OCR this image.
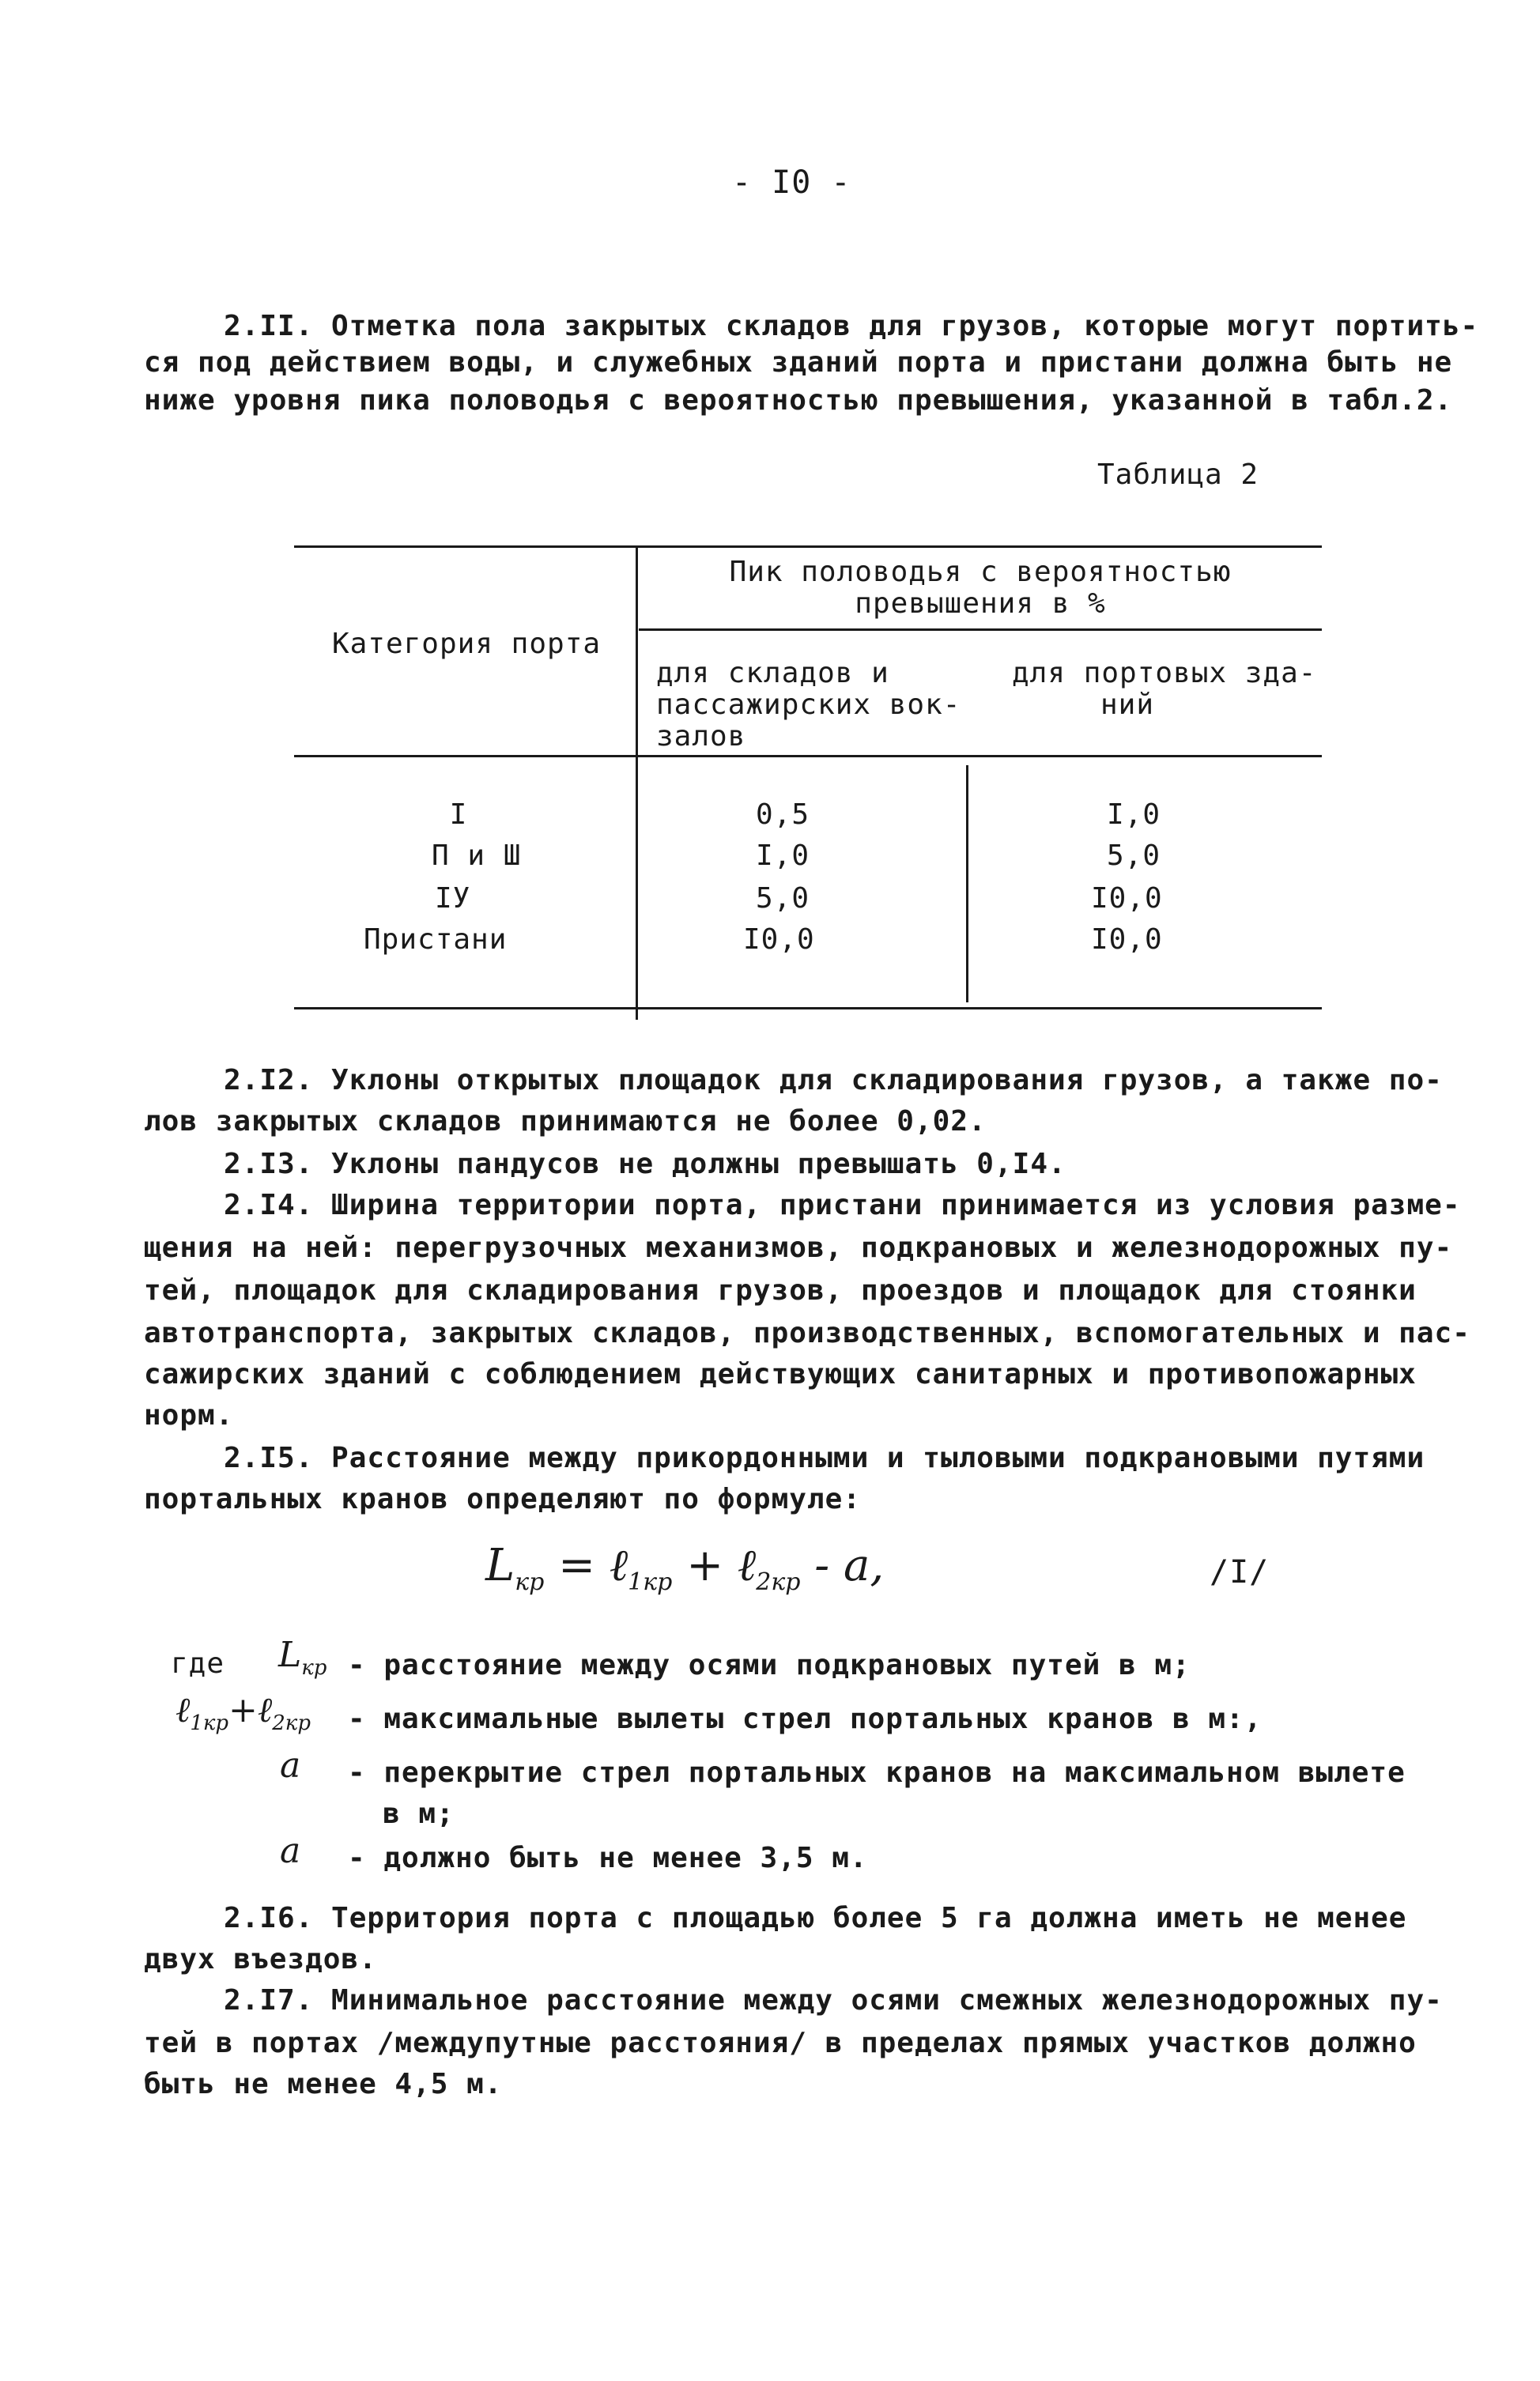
- I0 -
2.II. Отметка пола закрытых складов для грузов, которые могут портить-
ся под действием воды, и служебных зданий порта и пристани должна быть не
ниже уровня пика половодья с вероятностью превышения, указанной в табл.2.
Таблица 2
Категория порта
Пик половодья с вероятностью
превышения в %
для складов и
пассажирских вок-
залов
для портовых зда-
ний
I	0,5	I,0
П и Ш	I,0	5,0
IУ	5,0	I0,0
Пристани	I0,0	I0,0
2.I2. Уклоны открытых площадок для складирования грузов, а также по-
лов закрытых складов принимаются не более 0,02.
2.I3. Уклоны пандусов не должны превышать 0,I4.
2.I4. Ширина территории порта, пристани принимается из условия разме-
щения на ней: перегрузочных механизмов, подкрановых и железнодорожных пу-
тей, площадок для складирования грузов, проездов и площадок для стоянки
автотранспорта, закрытых складов, производственных, вспомогательных и пас-
сажирских зданий с соблюдением действующих санитарных и противопожарных
норм.
2.I5. Расстояние между прикордонными и тыловыми подкрановыми путями
портальных кранов определяют по формуле:
$L_{кр}$ = ℓ$_{1кр}$ + ℓ$_{2кр}$ - a,	/I/
где $L_{кр}$ - расстояние между осями подкрановых путей в м;
ℓ$_{1кр}$+ℓ$_{2кр}$ - максимальные вылеты стрел портальных кранов в м:,
a - перекрытие стрел портальных кранов на максимальном вылете
в м;
a - должно быть не менее 3,5 м.
2.I6. Территория порта с площадью более 5 га должна иметь не менее
двух въездов.
2.I7. Минимальное расстояние между осями смежных железнодорожных пу-
тей в портах /междупутные расстояния/ в пределах прямых участков должно
быть не менее 4,5 м.
